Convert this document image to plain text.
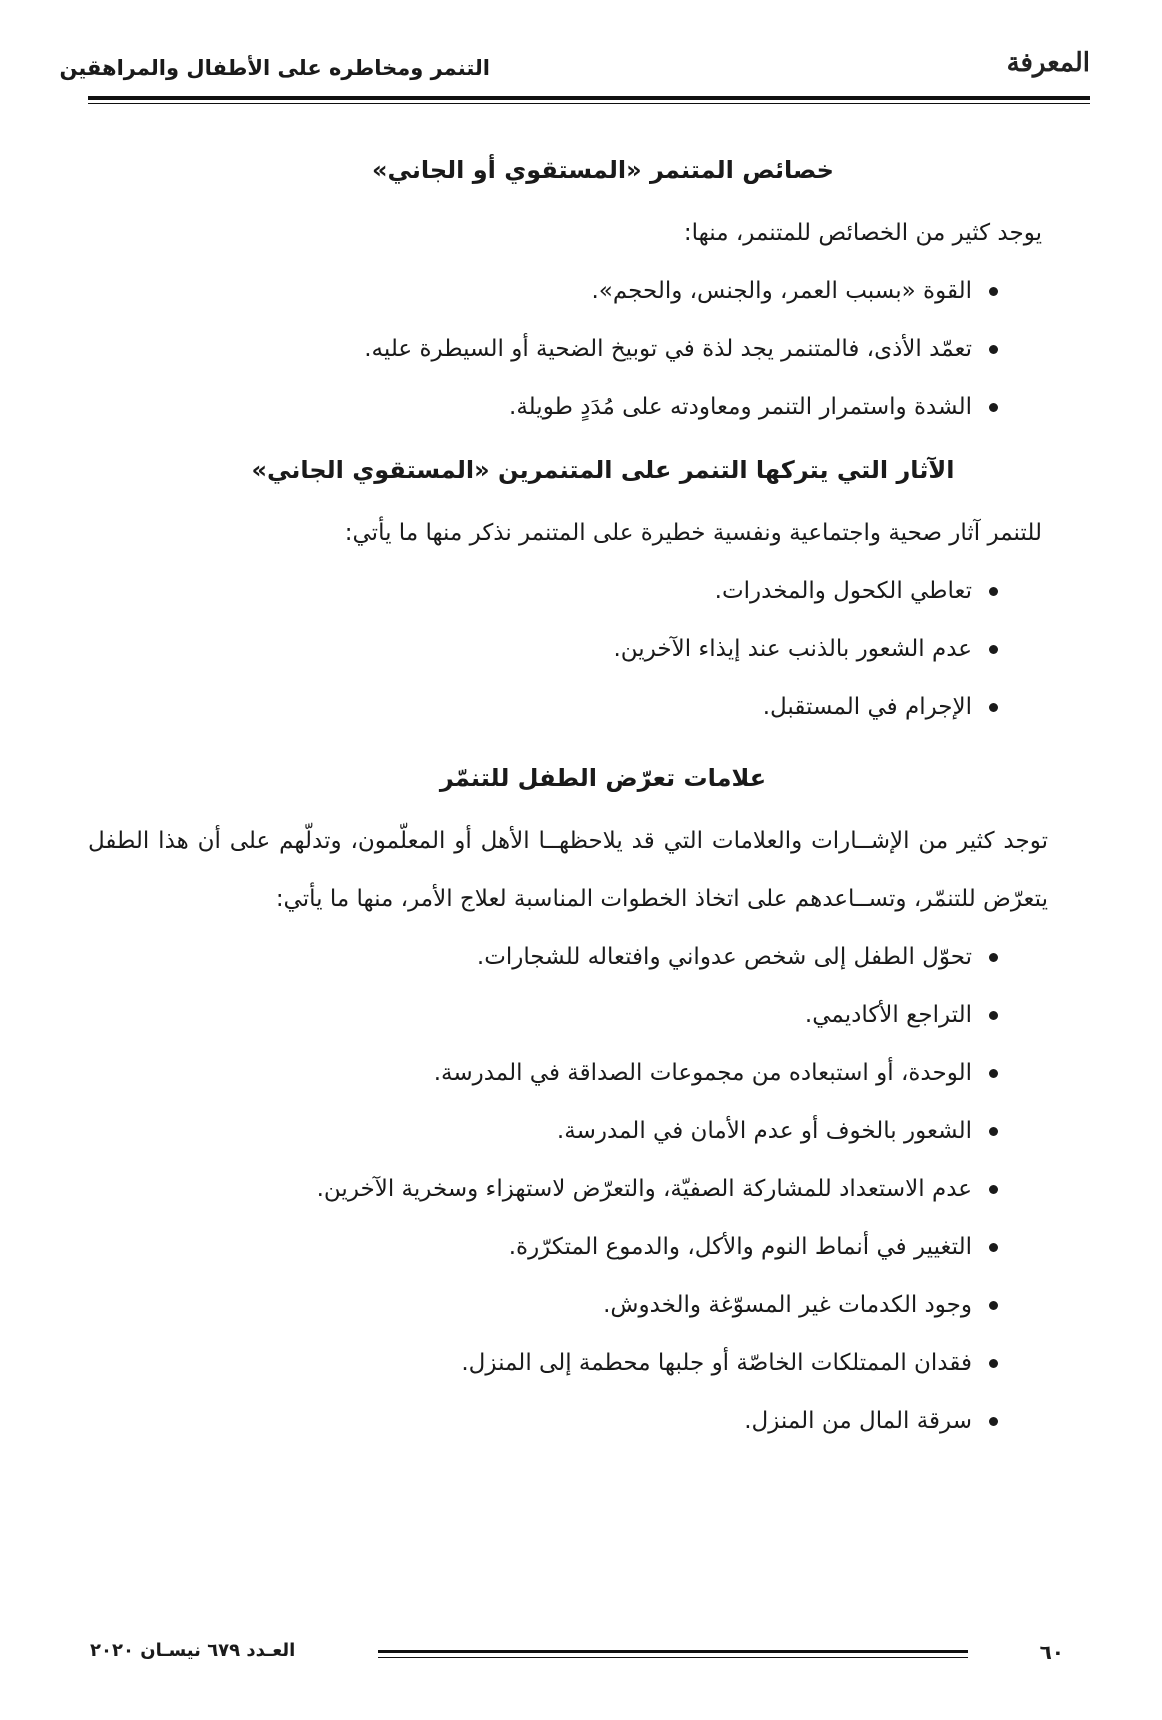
المعرفة
التنمر ومخاطره على الأطفال والمراهقين
خصائص المتنمر «المستقوي أو الجاني»

يوجد كثير من الخصائص للمتنمر، منها:

القوة «بسبب العمر، والجنس، والحجم».
تعمّد الأذى، فالمتنمر يجد لذة في توبيخ الضحية أو السيطرة عليه.
الشدة واستمرار التنمر ومعاودته على مُدَدٍ طويلة.
الآثار التي يتركها التنمر على المتنمرين «المستقوي الجاني»

للتنمر آثار صحية واجتماعية ونفسية خطيرة على المتنمر نذكر منها ما يأتي:

تعاطي الكحول والمخدرات.
عدم الشعور بالذنب عند إيذاء الآخرين.
الإجرام في المستقبل.
علامات تعرّض الطفل للتنمّر

توجد كثير من الإشــارات والعلامات التي قد يلاحظهــا الأهل أو المعلّمون، وتدلّهم على أن هذا الطفل يتعرّض للتنمّر، وتســاعدهم على اتخاذ الخطوات المناسبة لعلاج الأمر، منها ما يأتي:

تحوّل الطفل إلى شخص عدواني وافتعاله للشجارات.
التراجع الأكاديمي.
الوحدة، أو استبعاده من مجموعات الصداقة في المدرسة.
الشعور بالخوف أو عدم الأمان في المدرسة.
عدم الاستعداد للمشاركة الصفيّة، والتعرّض لاستهزاء وسخرية الآخرين.
التغيير في أنماط النوم والأكل، والدموع المتكرّرة.
وجود الكدمات غير المسوّغة والخدوش.
فقدان الممتلكات الخاصّة أو جلبها محطمة إلى المنزل.
سرقة المال من المنزل.
٦٠
العـدد ٦٧٩ نيسـان ٢٠٢٠
